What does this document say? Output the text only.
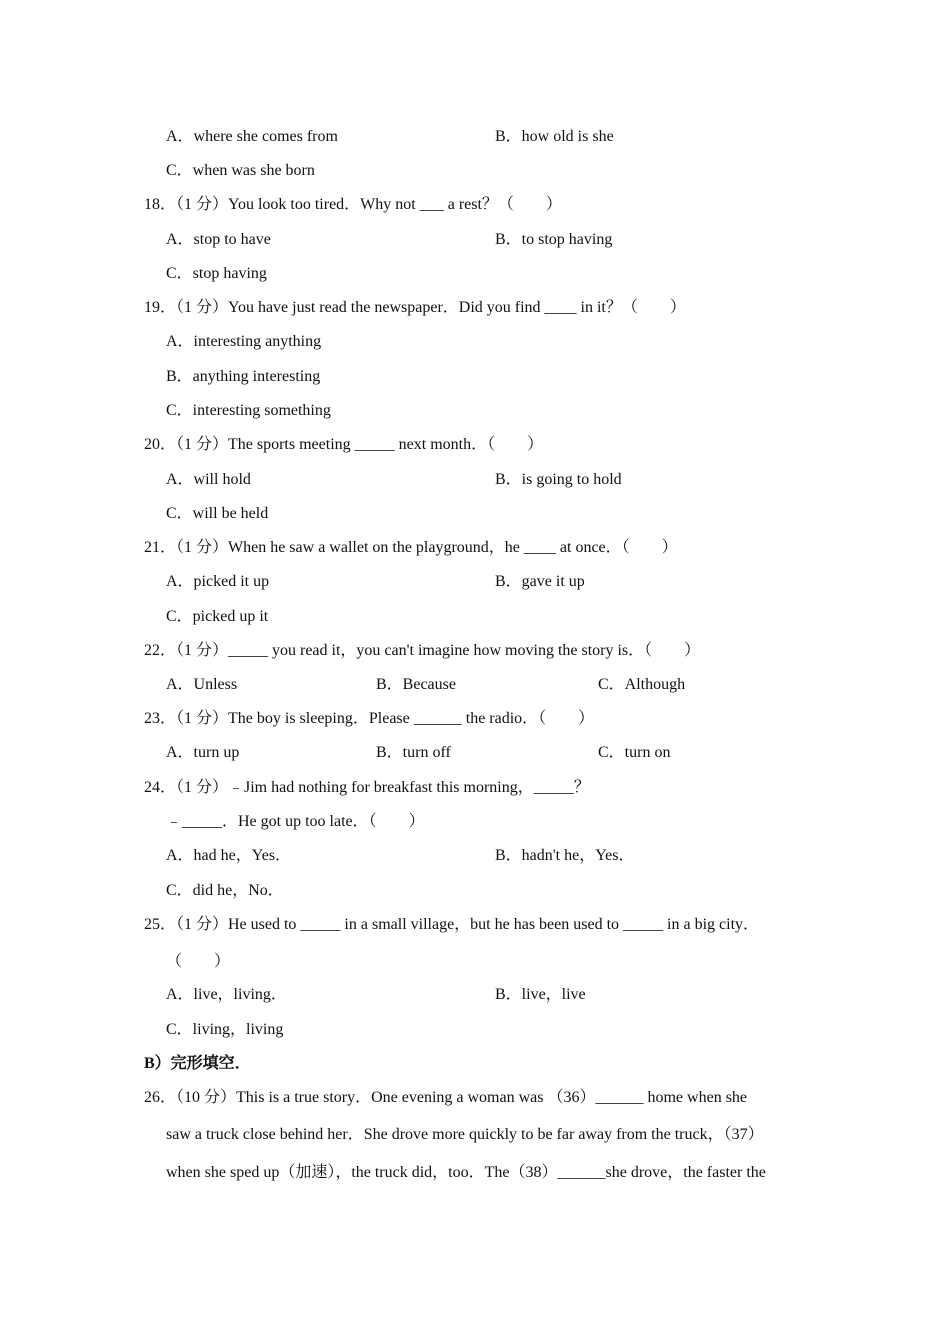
A．where she comes from	B．how old is she
C．when was she born
18．（1 分）You look too tired．Why not ___ a rest？（　　）
A．stop to have	B．to stop having
C．stop having
19．（1 分）You have just read the newspaper．Did you find ____ in it？（　　）
A．interesting anything
B．anything interesting
C．interesting something
20．（1 分）The sports meeting _____ next month．（　　）
A．will hold	B．is going to hold
C．will be held
21．（1 分）When he saw a wallet on the playground，he ____ at once．（　　）
A．picked it up	B．gave it up
C．picked up it
22．（1 分）_____ you read it，you can't imagine how moving the story is．（　　）
A．Unless	B．Because	C．Although
23．（1 分）The boy is sleeping．Please ______ the radio．（　　）
A．turn up	B．turn off	C．turn on
24．（1 分）﹣Jim had nothing for breakfast this morning，_____？
﹣_____．He got up too late．（　　）
A．had he，Yes．	B．hadn't he，Yes．
C．did he，No．
25．（1 分）He used to _____ in a small village，but he has been used to _____ in a big city．
（　　）
A．live，living．	B．live，live
C．living，living
B）完形填空．
26．（10 分）This is a true story．One evening a woman was （36）______ home when she
saw a truck close behind her．She drove more quickly to be far away from the truck，（37）
when she sped up（加速），the truck did，too．The（38）______she drove，the faster the
